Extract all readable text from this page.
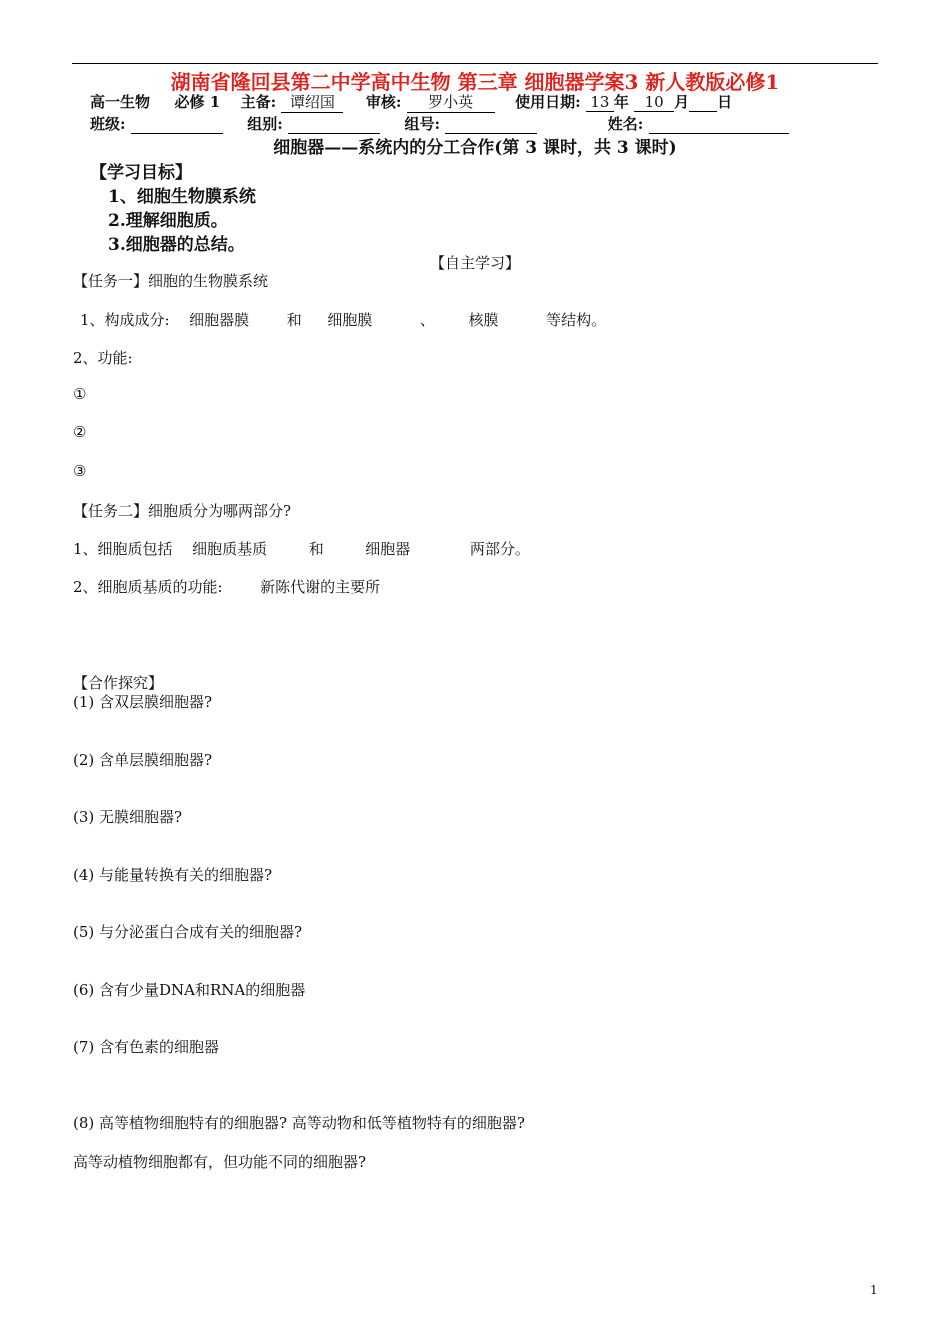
湖南省隆回县第二中学高中生物 第三章 细胞器学案3 新人教版必修1
高一生物 必修 1 主备: 谭绍国 审核: 罗小英	使用日期: 13 年 10 月 日
班级:	组别:	组号:	姓名:
细胞器——系统内的分工合作(第 3 课时，共 3 课时)
【学习目标】
1、细胞生物膜系统
2.理解细胞质。
3.细胞器的总结。
【自主学习】
【任务一】细胞的生物膜系统
1、构成成分: 细胞器膜	和 细胞膜	、 核膜	等结构。
2、功能:
①
②
③
【任务二】细胞质分为哪两部分?
1、细胞质包括 细胞质基质	和	细胞器	两部分。
2、细胞质基质的功能:	新陈代谢的主要所
【合作探究】
(1) 含双层膜细胞器?
(2) 含单层膜细胞器?
(3) 无膜细胞器?
(4) 与能量转换有关的细胞器?
(5) 与分泌蛋白合成有关的细胞器?
(6) 含有少量DNA和RNA的细胞器
(7) 含有色素的细胞器
(8) 高等植物细胞特有的细胞器? 高等动物和低等植物特有的细胞器?
高等动植物细胞都有，但功能不同的细胞器?
1
